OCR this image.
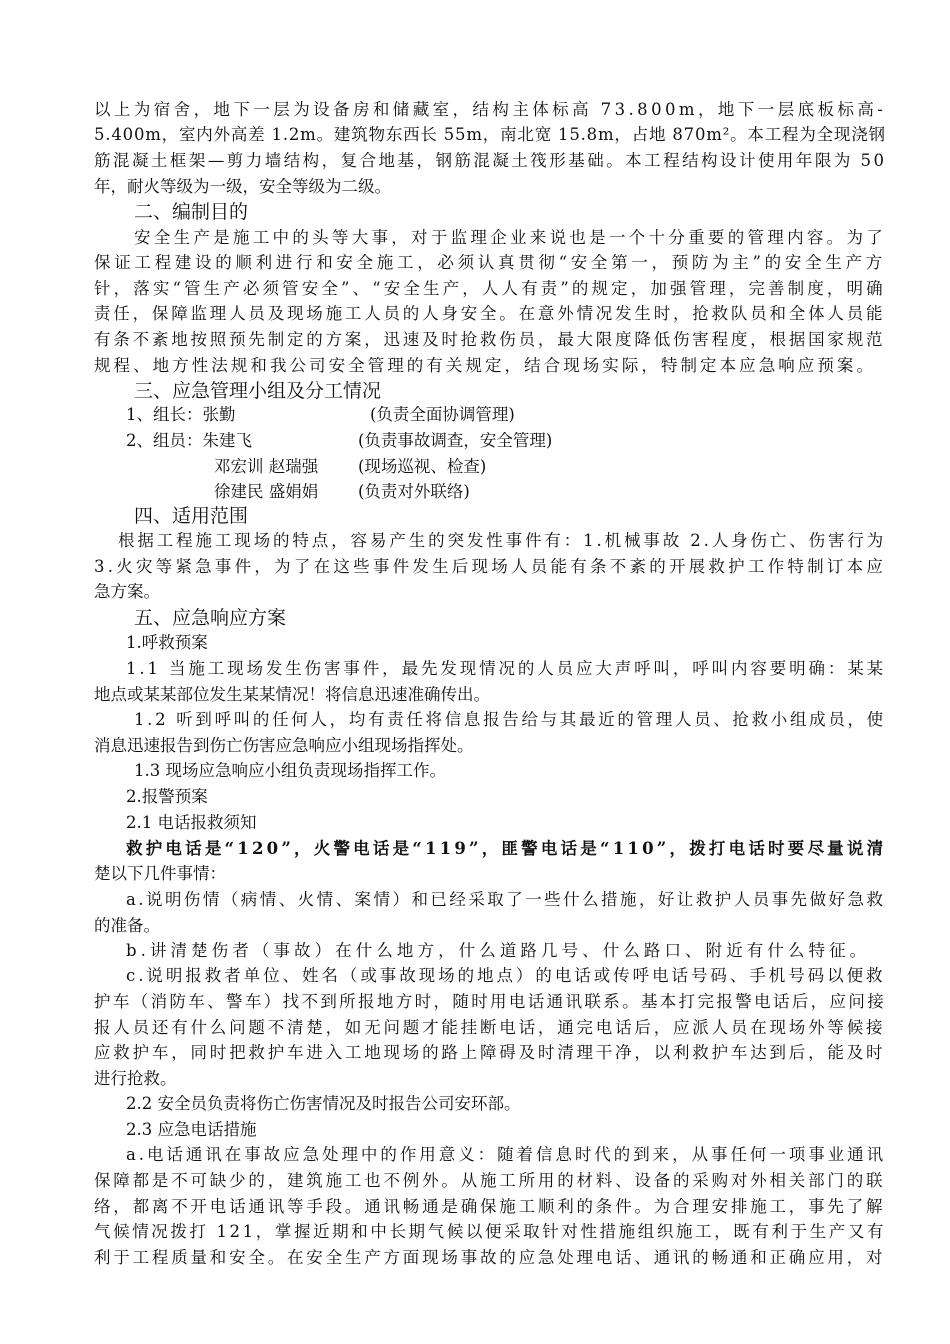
以上为宿舍，地下一层为设备房和储藏室，结构主体标高 73.800m，地下一层底板标高-
5.400m，室内外高差 1.2m。建筑物东西长 55m，南北宽 15.8m，占地 870m²。本工程为全现浇钢
筋混凝土框架—剪力墙结构，复合地基，钢筋混凝土筏形基础。本工程结构设计使用年限为 50
年，耐火等级为一级，安全等级为二级。
二、编制目的
安全生产是施工中的头等大事，对于监理企业来说也是一个十分重要的管理内容。为了
保证工程建设的顺利进行和安全施工，必须认真贯彻“安全第一，预防为主”的安全生产方
针，落实“管生产必须管安全”、“安全生产，人人有责”的规定，加强管理，完善制度，明确
责任，保障监理人员及现场施工人员的人身安全。在意外情况发生时，抢救队员和全体人员能
有条不紊地按照预先制定的方案，迅速及时抢救伤员，最大限度降低伤害程度，根据国家规范
规程、地方性法规和我公司安全管理的有关规定，结合现场实际，特制定本应急响应预案。
三、应急管理小组及分工情况
1、组长：张勤	(负责全面协调管理)
2、组员：朱建飞	(负责事故调查，安全管理)
邓宏训 赵瑞强 (现场巡视、检查)
徐建民 盛娟娟 (负责对外联络)
四、适用范围
根据工程施工现场的特点，容易产生的突发性事件有：1.机械事故 2.人身伤亡、伤害行为
3.火灾等紧急事件，为了在这些事件发生后现场人员能有条不紊的开展救护工作特制订本应
急方案。
五、应急响应方案
1.呼救预案
1.1 当施工现场发生伤害事件，最先发现情况的人员应大声呼叫，呼叫内容要明确：某某
地点或某某部位发生某某情况！将信息迅速准确传出。
1.2 听到呼叫的任何人，均有责任将信息报告给与其最近的管理人员、抢救小组成员，使
消息迅速报告到伤亡伤害应急响应小组现场指挥处。
1.3 现场应急响应小组负责现场指挥工作。
2.报警预案
2.1 电话报救须知
救护电话是“120”，火警电话是“119”，匪警电话是“110”，拨打电话时要尽量说清
楚以下几件事情：
a.说明伤情（病情、火情、案情）和已经采取了一些什么措施，好让救护人员事先做好急救
的准备。
b.讲清楚伤者（事故）在什么地方，什么道路几号、什么路口、附近有什么特征。
c.说明报救者单位、姓名（或事故现场的地点）的电话或传呼电话号码、手机号码以便救
护车（消防车、警车）找不到所报地方时，随时用电话通讯联系。基本打完报警电话后，应问接
报人员还有什么问题不清楚，如无问题才能挂断电话，通完电话后，应派人员在现场外等候接
应救护车，同时把救护车进入工地现场的路上障碍及时清理干净，以利救护车达到后，能及时
进行抢救。
2.2 安全员负责将伤亡伤害情况及时报告公司安环部。
2.3 应急电话措施
a.电话通讯在事故应急处理中的作用意义：随着信息时代的到来，从事任何一项事业通讯
保障都是不可缺少的，建筑施工也不例外。从施工所用的材料、设备的采购对外相关部门的联
络，都离不开电话通讯等手段。通讯畅通是确保施工顺利的条件。为合理安排施工，事先了解
气候情况拨打 121，掌握近期和中长期气候以便采取针对性措施组织施工，既有利于生产又有
利于工程质量和安全。在安全生产方面现场事故的应急处理电话、通讯的畅通和正确应用，对
